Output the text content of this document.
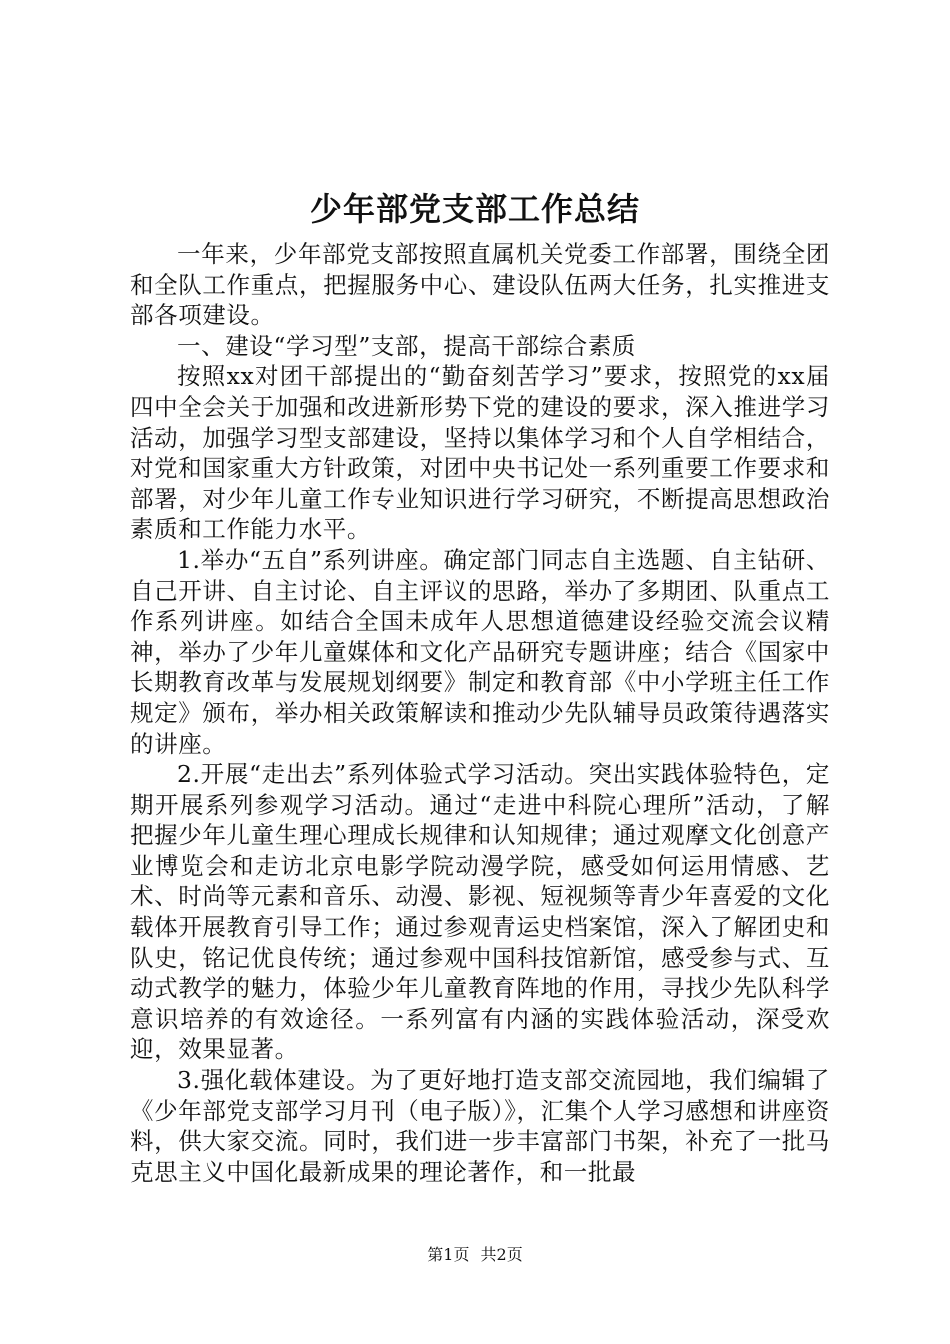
少年部党支部工作总结

一年来，少年部党支部按照直属机关党委工作部署，围绕全团和全队工作重点，把握服务中心、建设队伍两大任务，扎实推进支部各项建设。

一、建设“学习型”支部，提高干部综合素质

按照xx对团干部提出的“勤奋刻苦学习”要求，按照党的xx届四中全会关于加强和改进新形势下党的建设的要求，深入推进学习活动，加强学习型支部建设，坚持以集体学习和个人自学相结合，对党和国家重大方针政策，对团中央书记处一系列重要工作要求和部署，对少年儿童工作专业知识进行学习研究，不断提高思想政治素质和工作能力水平。

1.举办“五自”系列讲座。确定部门同志自主选题、自主钻研、自己开讲、自主讨论、自主评议的思路，举办了多期团、队重点工作系列讲座。如结合全国未成年人思想道德建设经验交流会议精神，举办了少年儿童媒体和文化产品研究专题讲座；结合《国家中长期教育改革与发展规划纲要》制定和教育部《中小学班主任工作规定》颁布，举办相关政策解读和推动少先队辅导员政策待遇落实的讲座。

2.开展“走出去”系列体验式学习活动。突出实践体验特色，定期开展系列参观学习活动。通过“走进中科院心理所”活动，了解把握少年儿童生理心理成长规律和认知规律；通过观摩文化创意产业博览会和走访北京电影学院动漫学院，感受如何运用情感、艺术、时尚等元素和音乐、动漫、影视、短视频等青少年喜爱的文化载体开展教育引导工作；通过参观青运史档案馆，深入了解团史和队史，铭记优良传统；通过参观中国科技馆新馆，感受参与式、互动式教学的魅力，体验少年儿童教育阵地的作用，寻找少先队科学意识培养的有效途径。一系列富有内涵的实践体验活动，深受欢迎，效果显著。

3.强化载体建设。为了更好地打造支部交流园地，我们编辑了《少年部党支部学习月刊（电子版）》，汇集个人学习感想和讲座资料，供大家交流。同时，我们进一步丰富部门书架，补充了一批马克思主义中国化最新成果的理论著作，和一批最

第1页 共2页
